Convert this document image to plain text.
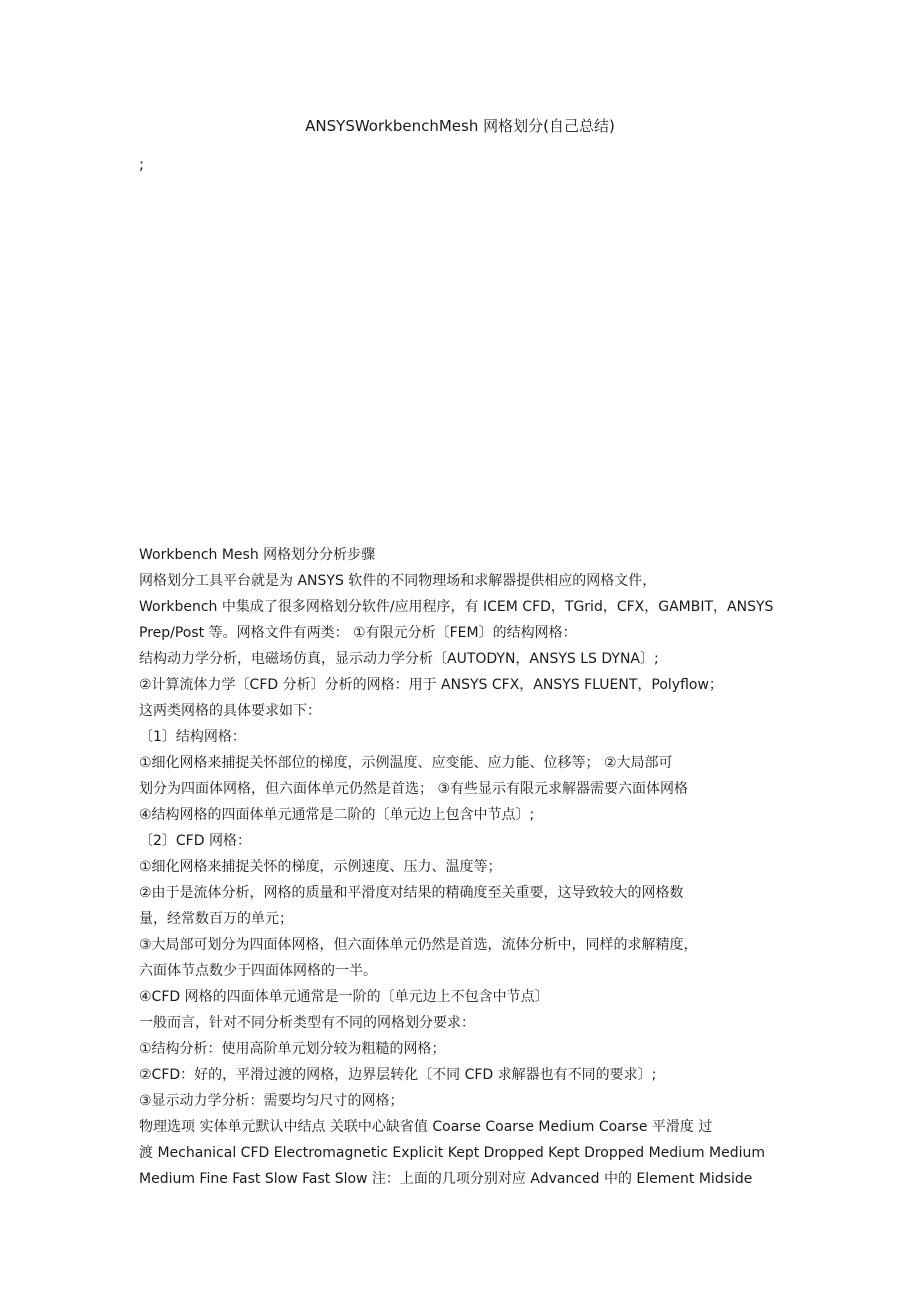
ANSYSWorkbenchMesh 网格划分(自己总结)
;

Workbench Mesh 网格划分分析步骤

网格划分工具平台就是为 ANSYS 软件的不同物理场和求解器提供相应的网格文件，

Workbench 中集成了很多网格划分软件/应用程序，有 ICEM CFD，TGrid，CFX，GAMBIT，ANSYS

Prep/Post 等。网格文件有两类： ①有限元分析〔FEM〕的结构网格：

结构动力学分析，电磁场仿真，显示动力学分析〔AUTODYN，ANSYS LS DYNA〕;

②计算流体力学〔CFD 分析〕分析的网格：用于 ANSYS CFX，ANSYS FLUENT，Polyflow；

这两类网格的具体要求如下：

〔1〕结构网格：

①细化网格来捕捉关怀部位的梯度，示例温度、应变能、应力能、位移等； ②大局部可

划分为四面体网格，但六面体单元仍然是首选； ③有些显示有限元求解器需要六面体网格

④结构网格的四面体单元通常是二阶的〔单元边上包含中节点〕;

〔2〕CFD 网格：

①细化网格来捕捉关怀的梯度，示例速度、压力、温度等；

②由于是流体分析，网格的质量和平滑度对结果的精确度至关重要，这导致较大的网格数

量，经常数百万的单元；

③大局部可划分为四面体网格，但六面体单元仍然是首选，流体分析中，同样的求解精度，

六面体节点数少于四面体网格的一半。

④CFD 网格的四面体单元通常是一阶的〔单元边上不包含中节点〕

一般而言，针对不同分析类型有不同的网格划分要求：

①结构分析：使用高阶单元划分较为粗糙的网格；

②CFD：好的，平滑过渡的网格，边界层转化〔不同 CFD 求解器也有不同的要求〕;

③显示动力学分析：需要均匀尺寸的网格；

物理选项 实体单元默认中结点 关联中心缺省值 Coarse Coarse Medium Coarse 平滑度 过

渡 Mechanical CFD Electromagnetic Explicit Kept Dropped Kept Dropped Medium Medium

Medium Fine Fast Slow Fast Slow 注：上面的几项分别对应 Advanced 中的 Element Midside
